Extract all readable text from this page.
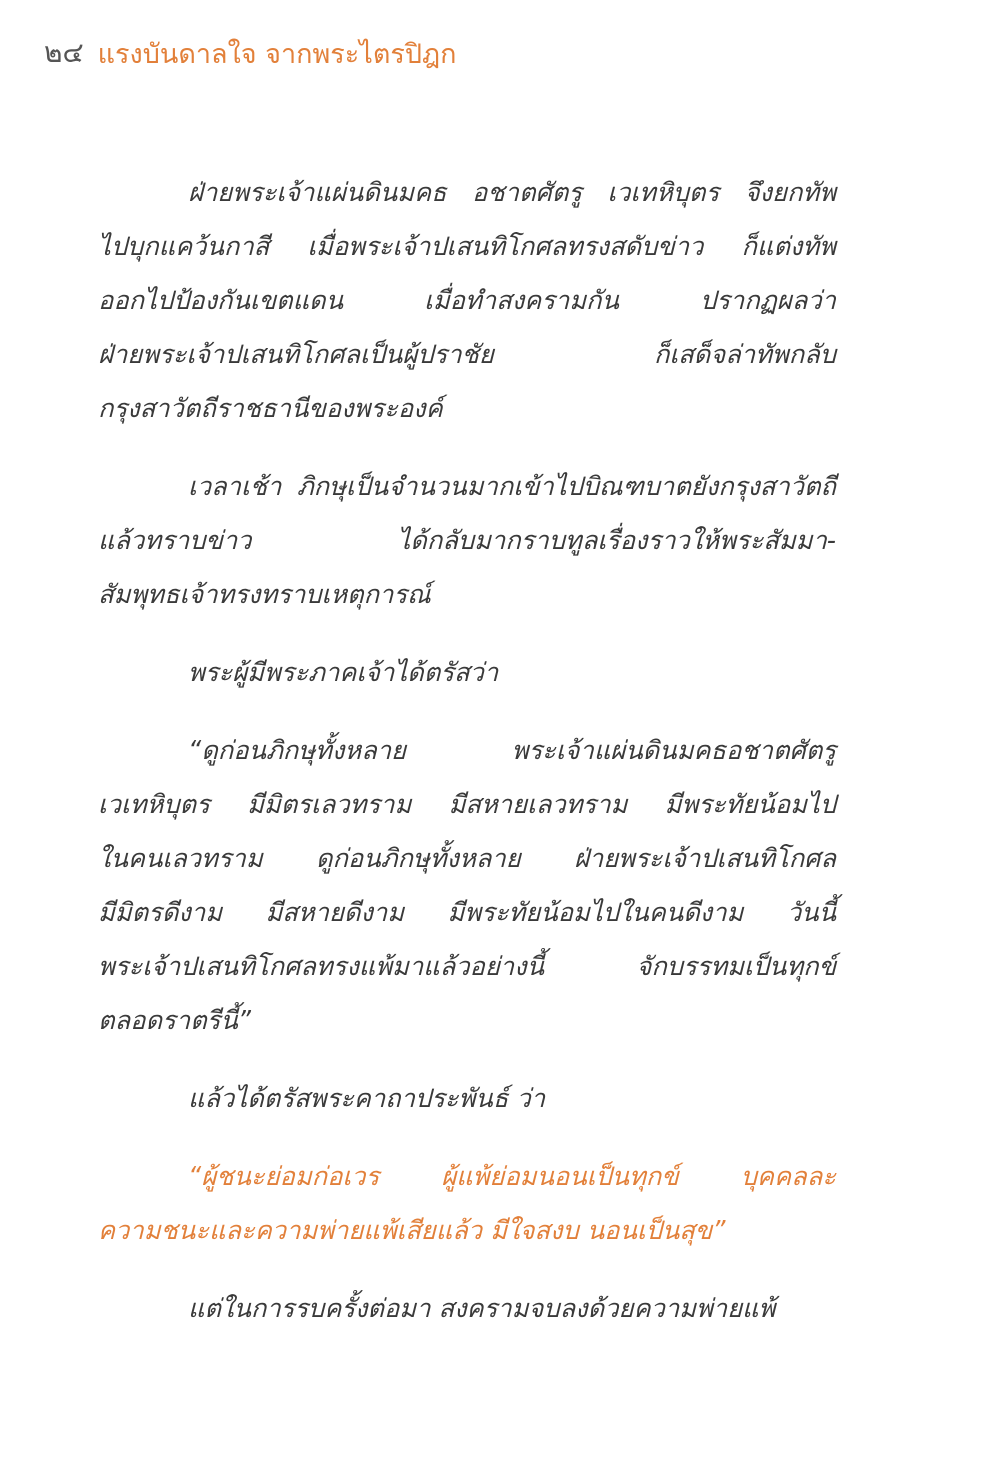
๒๔ แรงบันดาลใจ จากพระไตรปิฎก

ฝ่ายพระเจ้าแผ่นดินมคธ อชาตศัตรู เวเทหิบุตร จึงยกทัพ
ไปบุกแคว้นกาสี เมื่อพระเจ้าปเสนทิโกศลทรงสดับข่าว ก็แต่งทัพ
ออกไปป้องกันเขตแดน เมื่อทำสงครามกัน ปรากฏผลว่า
ฝ่ายพระเจ้าปเสนทิโกศลเป็นผู้ปราชัย ก็เสด็จล่าทัพกลับ
กรุงสาวัตถีราชธานีของพระองค์

เวลาเช้า ภิกษุเป็นจำนวนมากเข้าไปบิณฑบาตยังกรุงสาวัตถี
แล้วทราบข่าว ได้กลับมากราบทูลเรื่องราวให้พระสัมมา-
สัมพุทธเจ้าทรงทราบเหตุการณ์

พระผู้มีพระภาคเจ้าได้ตรัสว่า

“ดูก่อนภิกษุทั้งหลาย พระเจ้าแผ่นดินมคธอชาตศัตรู
เวเทหิบุตร มีมิตรเลวทราม มีสหายเลวทราม มีพระทัยน้อมไป
ในคนเลวทราม ดูก่อนภิกษุทั้งหลาย ฝ่ายพระเจ้าปเสนทิโกศล
มีมิตรดีงาม มีสหายดีงาม มีพระทัยน้อมไปในคนดีงาม วันนี้
พระเจ้าปเสนทิโกศลทรงแพ้มาแล้วอย่างนี้ จักบรรทมเป็นทุกข์
ตลอดราตรีนี้”

แล้วได้ตรัสพระคาถาประพันธ์ ว่า

“ผู้ชนะย่อมก่อเวร ผู้แพ้ย่อมนอนเป็นทุกข์ บุคคลละ
ความชนะและความพ่ายแพ้เสียแล้ว มีใจสงบ นอนเป็นสุข”

แต่ในการรบครั้งต่อมา สงครามจบลงด้วยความพ่ายแพ้
